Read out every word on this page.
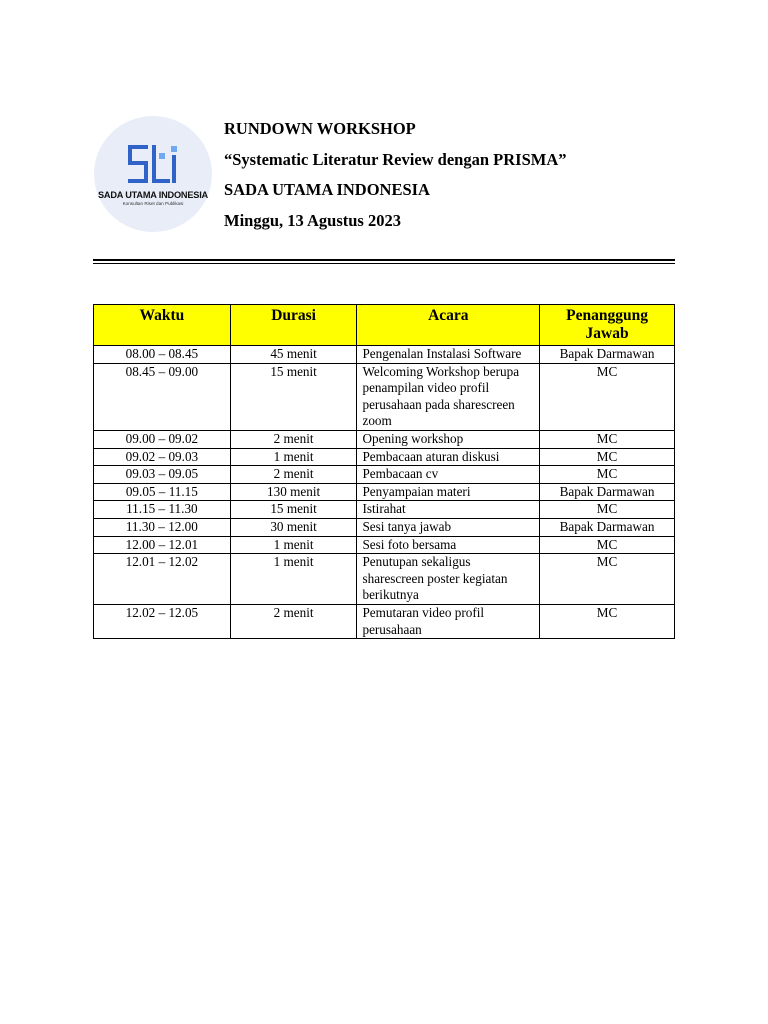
SADA UTAMA INDONESIA
Konsultan Riset dan Publikasi
RUNDOWN WORKSHOP
“Systematic Literatur Review dengan PRISMA”
SADA UTAMA INDONESIA
Minggu, 13 Agustus 2023
Waktu	Durasi	Acara	Penanggung Jawab
08.00 – 08.45	45 menit	Pengenalan Instalasi Software	Bapak Darmawan
08.45 – 09.00	15 menit	Welcoming Workshop berupa penampilan video profil perusahaan pada sharescreen zoom	MC
09.00 – 09.02	2 menit	Opening workshop	MC
09.02 – 09.03	1 menit	Pembacaan aturan diskusi	MC
09.03 – 09.05	2 menit	Pembacaan cv	MC
09.05 – 11.15	130 menit	Penyampaian materi	Bapak Darmawan
11.15 – 11.30	15 menit	Istirahat	MC
11.30 – 12.00	30 menit	Sesi tanya jawab	Bapak Darmawan
12.00 – 12.01	1 menit	Sesi foto bersama	MC
12.01 – 12.02	1 menit	Penutupan sekaligus sharescreen poster kegiatan berikutnya	MC
12.02 – 12.05	2 menit	Pemutaran video profil perusahaan	MC
